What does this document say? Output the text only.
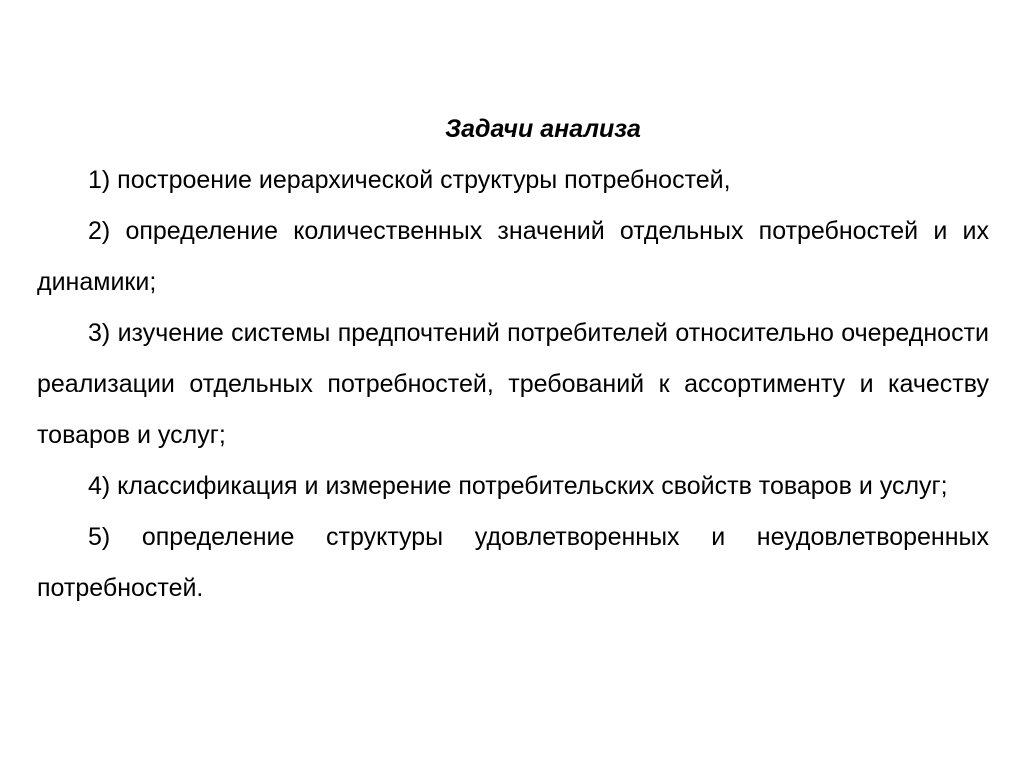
Задачи анализа

1) построение иерархической структуры потребностей,

2) определение количественных значений отдельных потребностей и их динамики;

3) изучение системы предпочтений потребителей относительно очередности реализации отдельных потребностей, требований к ассортименту и качеству товаров и услуг;

4) классификация и измерение потребительских свойств товаров и услуг;

5) определение структуры удовлетворенных и неудовлетворенных потребностей.
